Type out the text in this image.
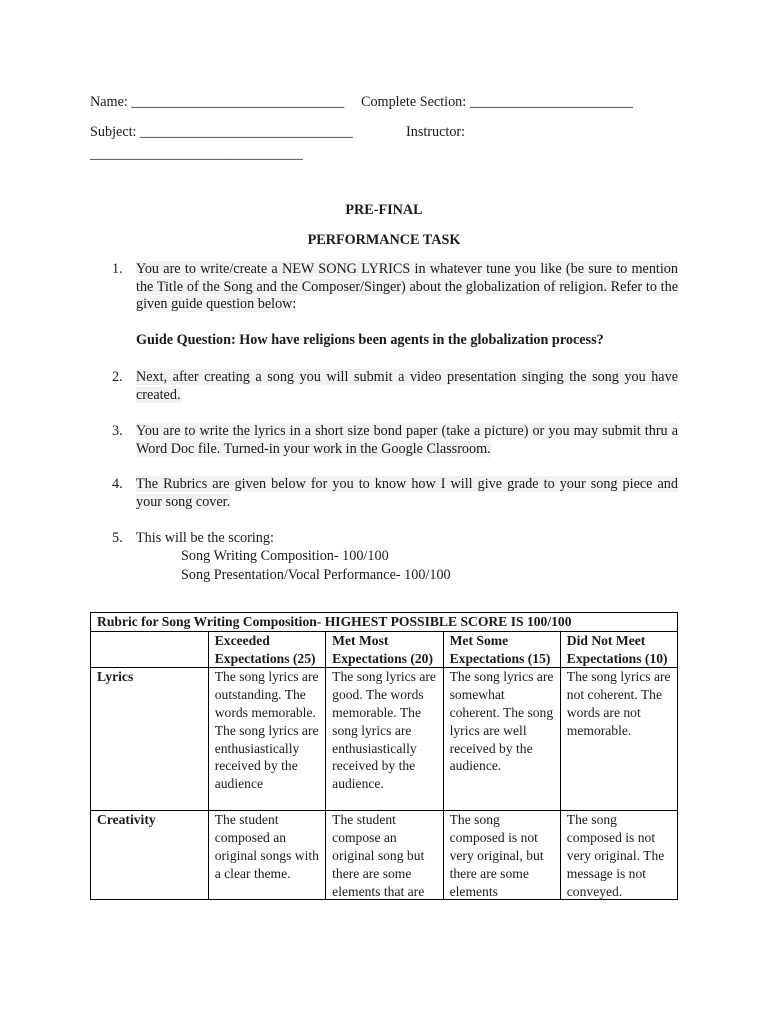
Name: ______________________________ Complete Section: _______________________
Subject: ______________________________	Instructor:
______________________________
PRE-FINAL
PERFORMANCE TASK
1. You are to write/create a NEW SONG LYRICS in whatever tune you like (be sure to mention the Title of the Song and the Composer/Singer) about the globalization of religion. Refer to the given guide question below:
Guide Question: How have religions been agents in the globalization process?
2. Next, after creating a song you will submit a video presentation singing the song you have created.
3. You are to write the lyrics in a short size bond paper (take a picture) or you may submit thru a Word Doc file. Turned-in your work in the Google Classroom.
4. The Rubrics are given below for you to know how I will give grade to your song piece and your song cover.
5. This will be the scoring:
Song Writing Composition- 100/100
Song Presentation/Vocal Performance- 100/100
Rubric for Song Writing Composition- HIGHEST POSSIBLE SCORE IS 100/100				
	Exceeded Expectations (25)	Met Most Expectations (20)	Met Some Expectations (15)	Did Not Meet Expectations (10)
Lyrics	The song lyrics are outstanding. The words memorable. The song lyrics are enthusiastically received by the audience	The song lyrics are good. The words memorable. The song lyrics are enthusiastically received by the audience.	The song lyrics are somewhat coherent. The song lyrics are well received by the audience.	The song lyrics are not coherent. The words are not memorable.
Creativity	The student composed an original songs with a clear theme.	The student compose an original song but there are some elements that are	The song composed is not very original, but there are some elements	The song composed is not very original. The message is not conveyed.
